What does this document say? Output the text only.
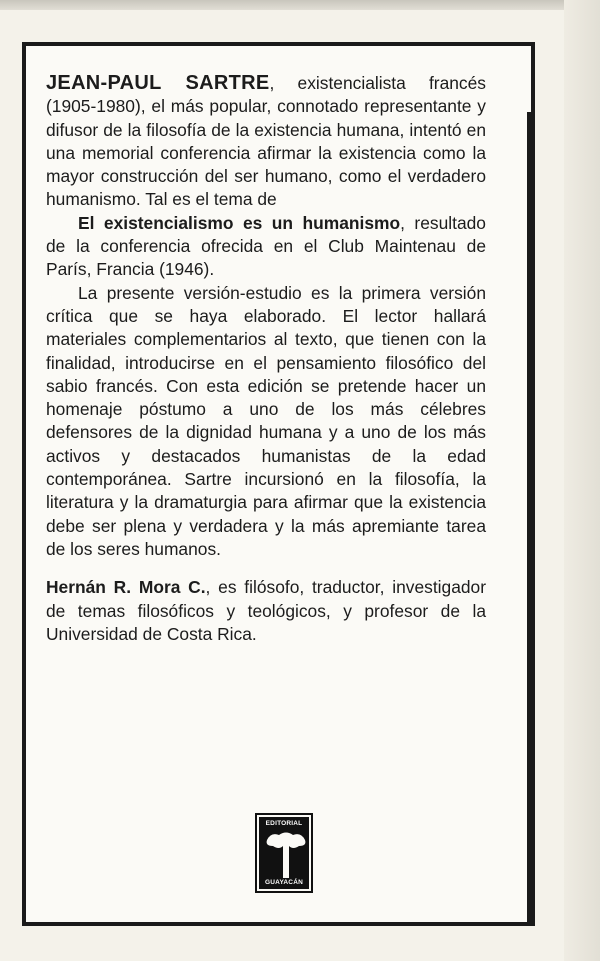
JEAN-PAUL SARTRE, existencialista francés (1905-1980), el más popular, connotado representante y difusor de la filosofía de la existencia humana, intentó en una memorial conferencia afirmar la existencia como la mayor construcción del ser humano, como el verdadero humanismo. Tal es el tema de

El existencialismo es un humanismo, resultado de la conferencia ofrecida en el Club Maintenau de París, Francia (1946).

La presente versión-estudio es la primera versión crítica que se haya elaborado. El lector hallará materiales complementarios al texto, que tienen con la finalidad, introducirse en el pensamiento filosófico del sabio francés. Con esta edición se pretende hacer un homenaje póstumo a uno de los más célebres defensores de la dignidad humana y a uno de los más activos y destacados humanistas de la edad contemporánea. Sartre incursionó en la filosofía, la literatura y la dramaturgia para afirmar que la existencia debe ser plena y verdadera y la más apremiante tarea de los seres humanos.

Hernán R. Mora C., es filósofo, traductor, investigador de temas filosóficos y teológicos, y profesor de la Universidad de Costa Rica.

EDITORIAL
GUAYACÁN
